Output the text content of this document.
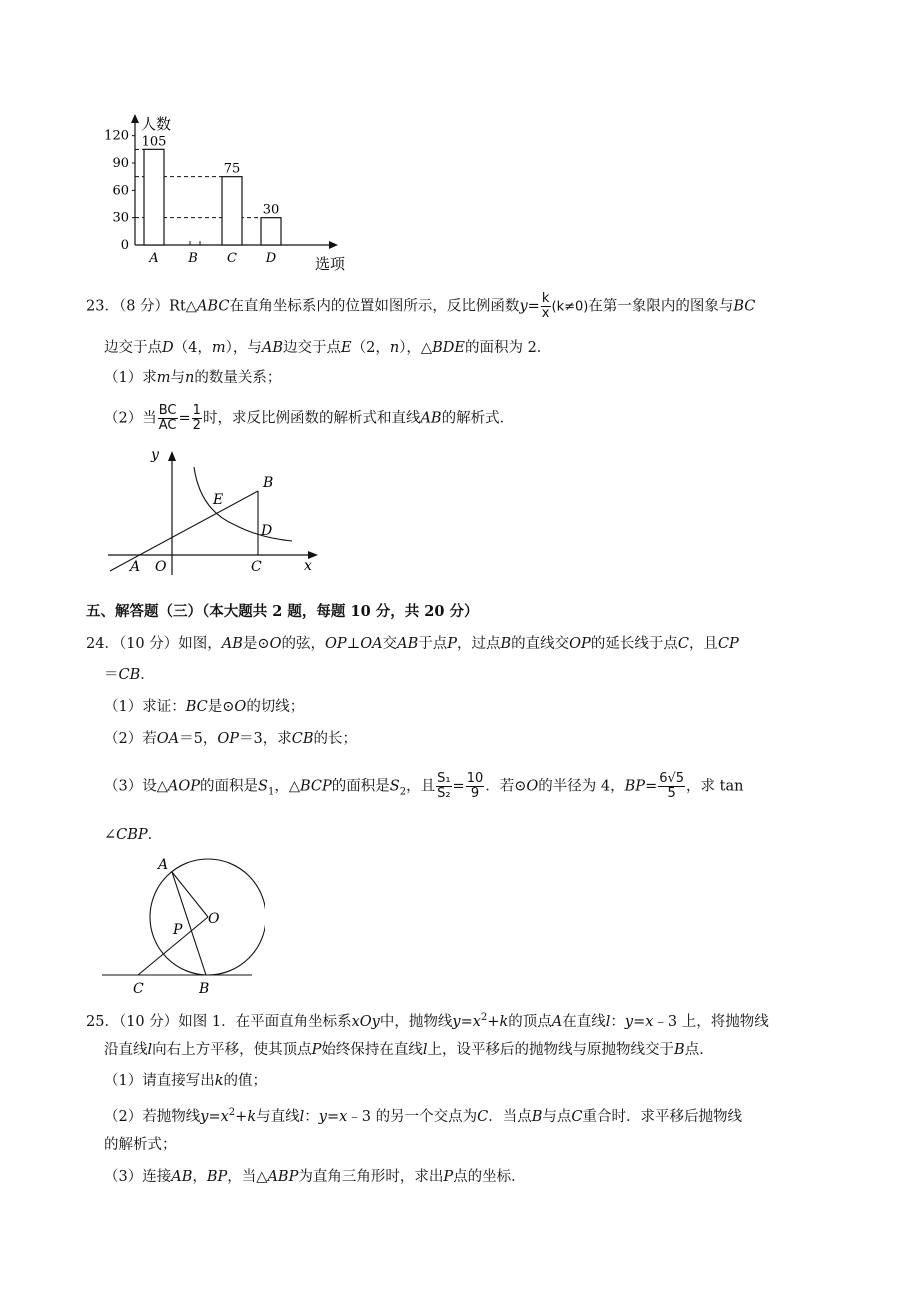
人数
选项
0
30
60
90
120 105
A B
75
C
30
D
23．（8 分）Rt△ABC在直角坐标系内的位置如图所示，反比例函数$y= \frac{k}{x} (k\ne 0)$在第一象限内的图象与BC
边交于点D（4，m），与AB边交于点E（2，n），△BDE的面积为 2．
（1）求m与n的数量关系；
（2）当 $\frac{BC}{AC} = \frac{1}{2}$ 时，求反比例函数的解析式和直线AB的解析式．
y
x
B
E
D
A O	C
五、解答题（三）（本大题共 2 题，每题 10 分，共 20 分）
24．（10 分）如图，AB是⊙O的弦，OP⊥OA交AB于点P，过点B的直线交OP的延长线于点C，且CP
＝CB．
（1）求证：BC是⊙O的切线；
（2）若OA＝5，OP＝3，求CB的长；
（3）设△AOP的面积是$S_1$，△BCP的面积是$S_2$，且 $\frac{\text{S₁}}{\text{S₂}} = \frac{10}{9}$ ．若⊙O的半径为 4，$BP= \frac{6√5}{5}$ ，求 tan
∠CBP．
A
O
P
C	B
25．（10 分）如图 1．在平面直角坐标系xOy中，抛物线$y=x^2+k$的顶点A在直线l：y=x﹣3 上，将抛物线
沿直线l向右上方平移，使其顶点P始终保持在直线l上，设平移后的抛物线与原抛物线交于B点．
（1）请直接写出k的值；
（2）若抛物线$y=x^2+k$与直线l：y=x﹣3 的另一个交点为C．当点B与点C重合时．求平移后抛物线
的解析式；
（3）连接AB，BP，当△ABP为直角三角形时，求出P点的坐标．
